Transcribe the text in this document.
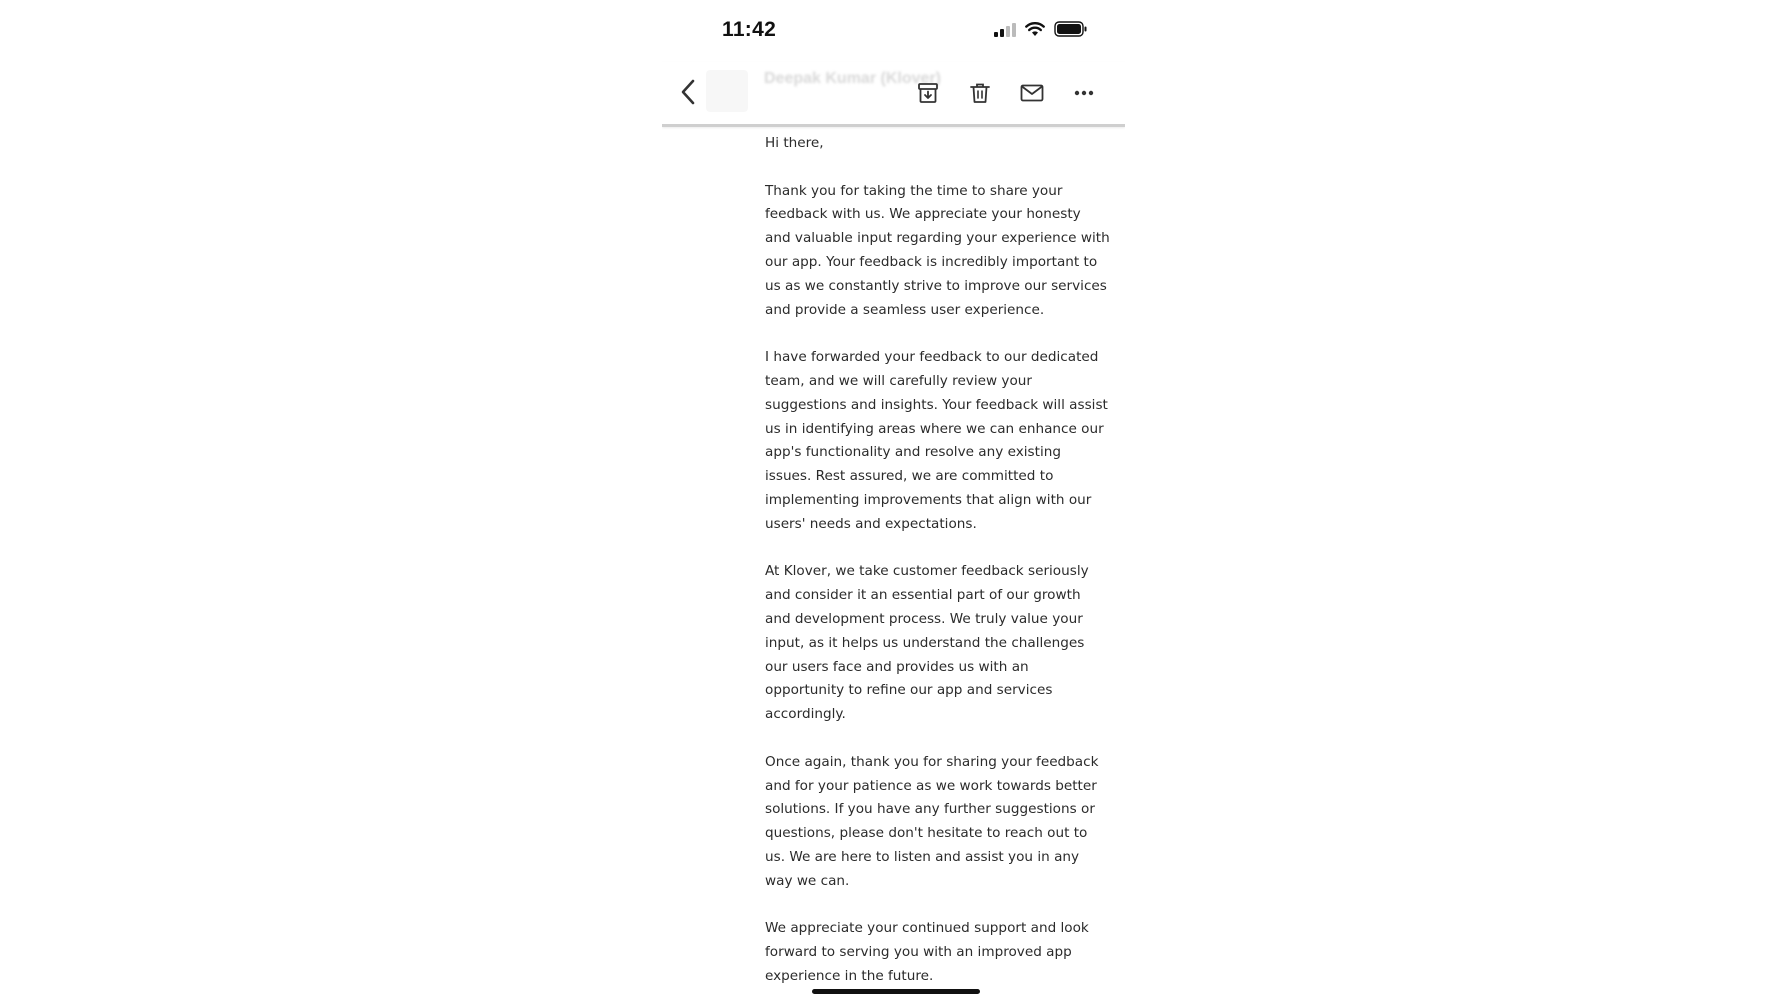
11:42
Deepak Kumar (Klover)

Hi there,

Thank you for taking the time to share your feedback with us. We appreciate your honesty and valuable input regarding your experience with our app. Your feedback is incredibly important to us as we constantly strive to improve our services and provide a seamless user experience.

I have forwarded your feedback to our dedicated team, and we will carefully review your suggestions and insights. Your feedback will assist us in identifying areas where we can enhance our app's functionality and resolve any existing issues. Rest assured, we are committed to implementing improvements that align with our users' needs and expectations.

At Klover, we take customer feedback seriously and consider it an essential part of our growth and development process. We truly value your input, as it helps us understand the challenges our users face and provides us with an opportunity to refine our app and services accordingly.

Once again, thank you for sharing your feedback and for your patience as we work towards better solutions. If you have any further suggestions or questions, please don't hesitate to reach out to us. We are here to listen and assist you in any way we can.

We appreciate your continued support and look forward to serving you with an improved app experience in the future.
